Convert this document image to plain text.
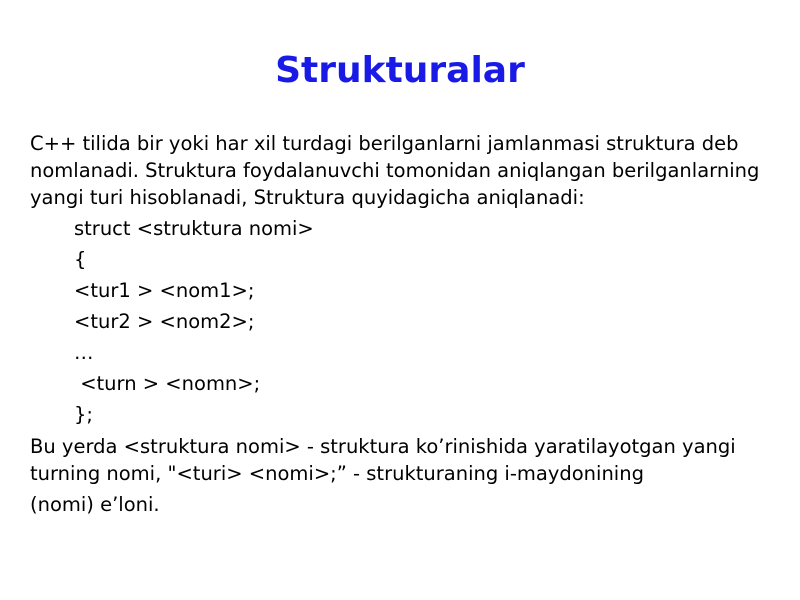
Strukturalar
C++ tilida bir yoki har xil turdagi berilganlarni jamlanmasi struktura deb
nomlanadi. Struktura foydalanuvchi tomonidan aniqlangan berilganlarning
yangi turi hisoblanadi, Struktura quyidagicha aniqlanadi:
struct <struktura nomi>
{
<tur1 > <nom1>;
<tur2 > <nom2>;
…
<turn > <nomn>;
};
Bu yerda <struktura nomi> - struktura ko’rinishida yaratilayotgan yangi
turning nomi, "<turi> <nomi>;” - strukturaning i-maydonining
(nomi) e’loni.
